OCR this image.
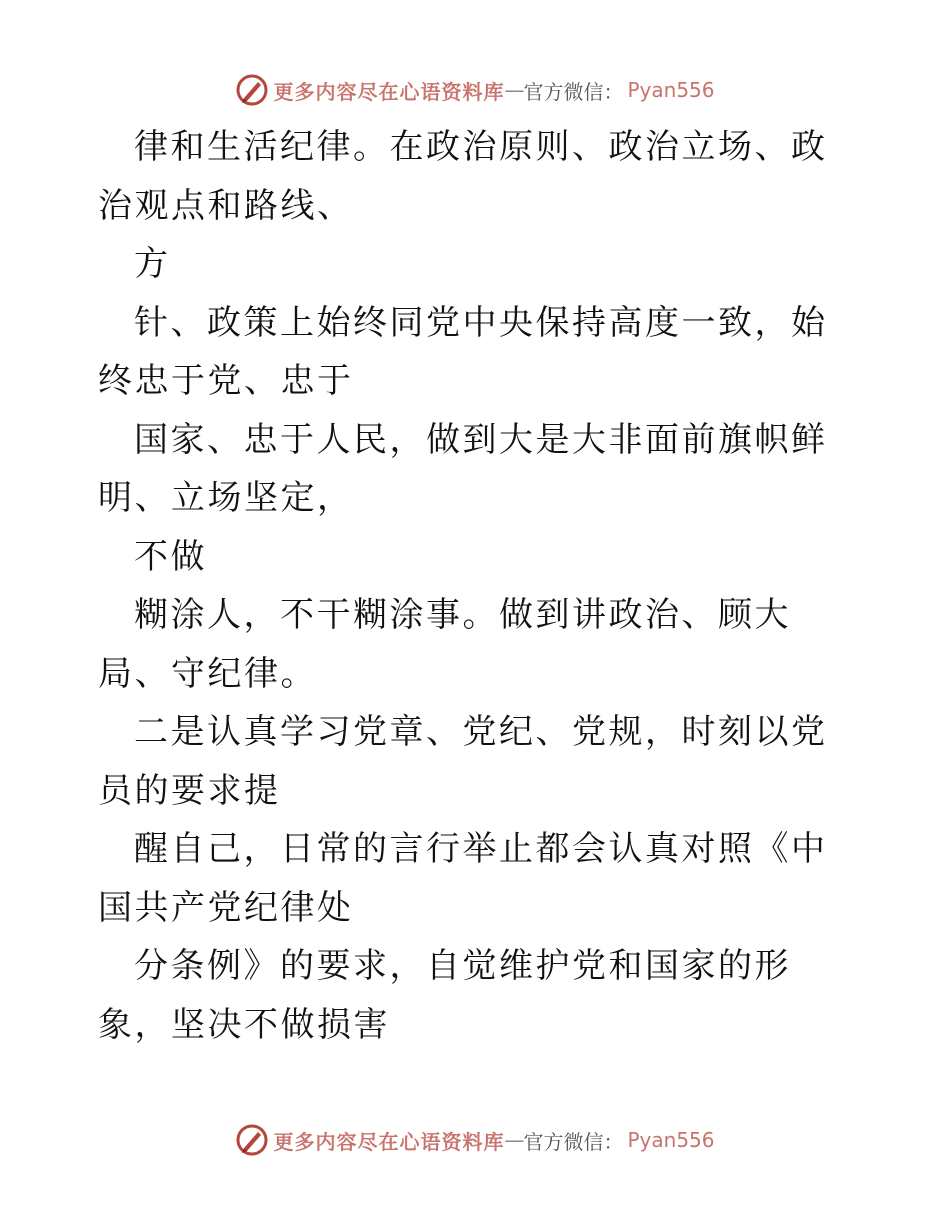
更多内容尽在心语资料库 — 官方微信： Pyan556

律和生活纪律。在政治原则、政治立场、政治观点和路线、

方

针、政策上始终同党中央保持高度一致，始终忠于党、忠于

国家、忠于人民，做到大是大非面前旗帜鲜明、立场坚定，

不做

糊涂人，不干糊涂事。做到讲政治、顾大局、守纪律。

二是认真学习党章、党纪、党规，时刻以党员的要求提

醒自己，日常的言行举止都会认真对照《中国共产党纪律处

分条例》的要求，自觉维护党和国家的形象，坚决不做损害

更多内容尽在心语资料库 — 官方微信： Pyan556
